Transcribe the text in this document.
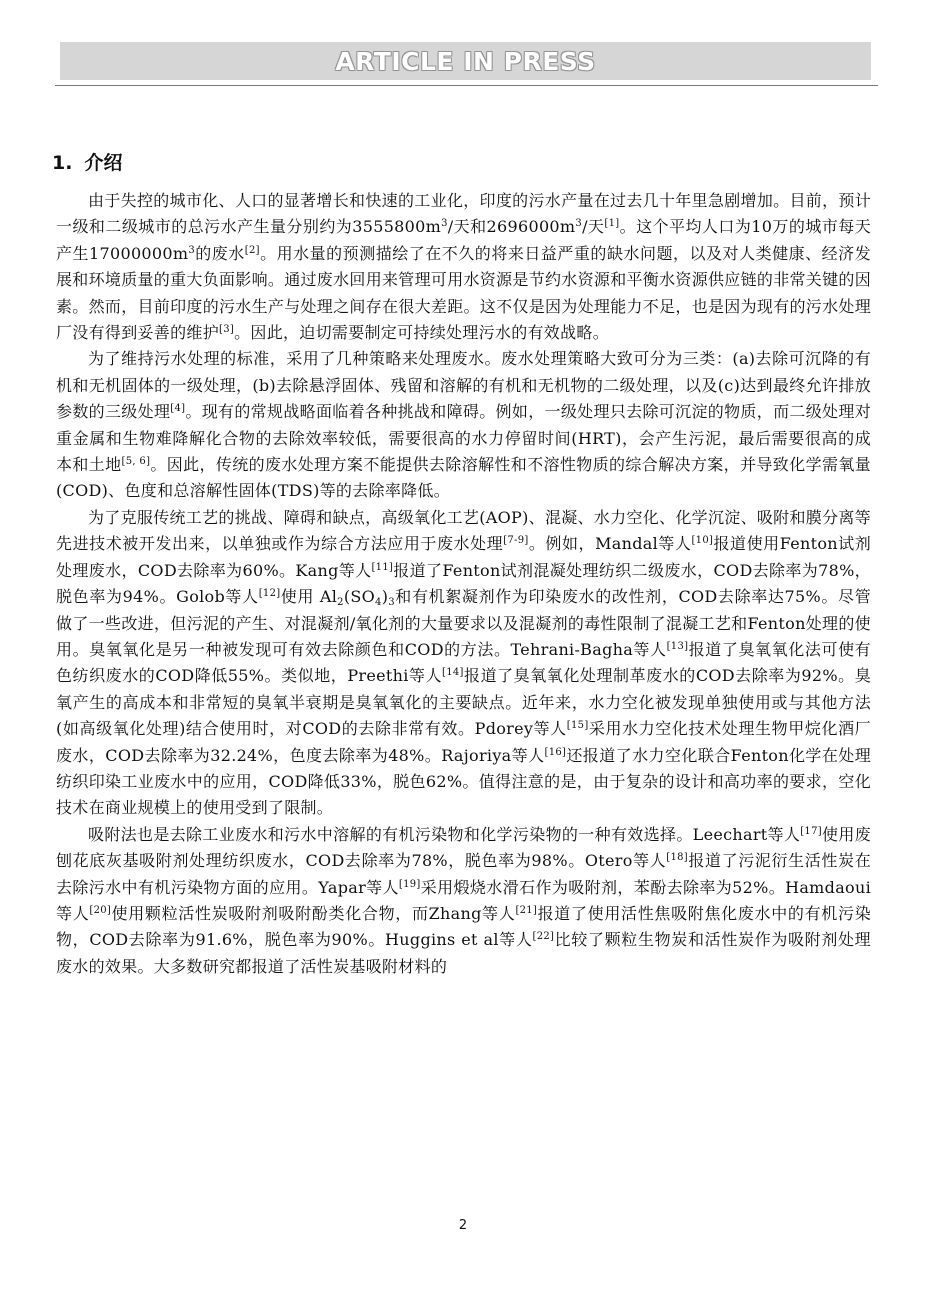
ARTICLE IN PRESS
1. 介绍

由于失控的城市化、人口的显著增长和快速的工业化，印度的污水产量在过去几十年里急剧增加。目前，预计一级和二级城市的总污水产生量分别约为$3555800m^3/$天和$2696000m^3/$天[1]。这个平均人口为10万的城市每天产生$17000000m^3$的废水[2]。用水量的预测描绘了在不久的将来日益严重的缺水问题，以及对人类健康、经济发展和环境质量的重大负面影响。通过废水回用来管理可用水资源是节约水资源和平衡水资源供应链的非常关键的因素。然而，目前印度的污水生产与处理之间存在很大差距。这不仅是因为处理能力不足，也是因为现有的污水处理厂没有得到妥善的维护[3]。因此，迫切需要制定可持续处理污水的有效战略。

为了维持污水处理的标准，采用了几种策略来处理废水。废水处理策略大致可分为三类：(a)去除可沉降的有机和无机固体的一级处理，(b)去除悬浮固体、残留和溶解的有机和无机物的二级处理，以及(c)达到最终允许排放参数的三级处理[4]。现有的常规战略面临着各种挑战和障碍。例如，一级处理只去除可沉淀的物质，而二级处理对重金属和生物难降解化合物的去除效率较低，需要很高的水力停留时间(HRT)，会产生污泥，最后需要很高的成本和土地[5, 6]。因此，传统的废水处理方案不能提供去除溶解性和不溶性物质的综合解决方案，并导致化学需氧量(COD)、色度和总溶解性固体(TDS)等的去除率降低。

为了克服传统工艺的挑战、障碍和缺点，高级氧化工艺(AOP)、混凝、水力空化、化学沉淀、吸附和膜分离等先进技术被开发出来，以单独或作为综合方法应用于废水处理[7-9]。例如，Mandal等人[10]报道使用Fenton试剂处理废水，COD去除率为60%。Kang等人[11]报道了Fenton试剂混凝处理纺织二级废水，COD去除率为78%，脱色率为94%。Golob等人[12]使用 $Al_2(SO_4)_3$和有机絮凝剂作为印染废水的改性剂，COD去除率达75%。尽管做了一些改进，但污泥的产生、对混凝剂/氧化剂的大量要求以及混凝剂的毒性限制了混凝工艺和Fenton处理的使用。臭氧氧化是另一种被发现可有效去除颜色和COD的方法。Tehrani-Bagha等人[13]报道了臭氧氧化法可使有色纺织废水的COD降低55%。类似地，Preethi等人[14]报道了臭氧氧化处理制革废水的COD去除率为92%。臭氧产生的高成本和非常短的臭氧半衰期是臭氧氧化的主要缺点。近年来，水力空化被发现单独使用或与其他方法(如高级氧化处理)结合使用时，对COD的去除非常有效。Pdorey等人[15]采用水力空化技术处理生物甲烷化酒厂废水，COD去除率为32.24%，色度去除率为48%。Rajoriya等人[16]还报道了水力空化联合Fenton化学在处理纺织印染工业废水中的应用，COD降低33%，脱色62%。值得注意的是，由于复杂的设计和高功率的要求，空化技术在商业规模上的使用受到了限制。

吸附法也是去除工业废水和污水中溶解的有机污染物和化学污染物的一种有效选择。Leechart等人[17]使用废刨花底灰基吸附剂处理纺织废水，COD去除率为78%，脱色率为98%。Otero等人[18]报道了污泥衍生活性炭在去除污水中有机污染物方面的应用。Yapar等人[19]采用煅烧水滑石作为吸附剂，苯酚去除率为52%。Hamdaoui等人[20]使用颗粒活性炭吸附剂吸附酚类化合物，而Zhang等人[21]报道了使用活性焦吸附焦化废水中的有机污染物，COD去除率为91.6%，脱色率为90%。Huggins et al等人[22]比较了颗粒生物炭和活性炭作为吸附剂处理废水的效果。大多数研究都报道了活性炭基吸附材料的

2
